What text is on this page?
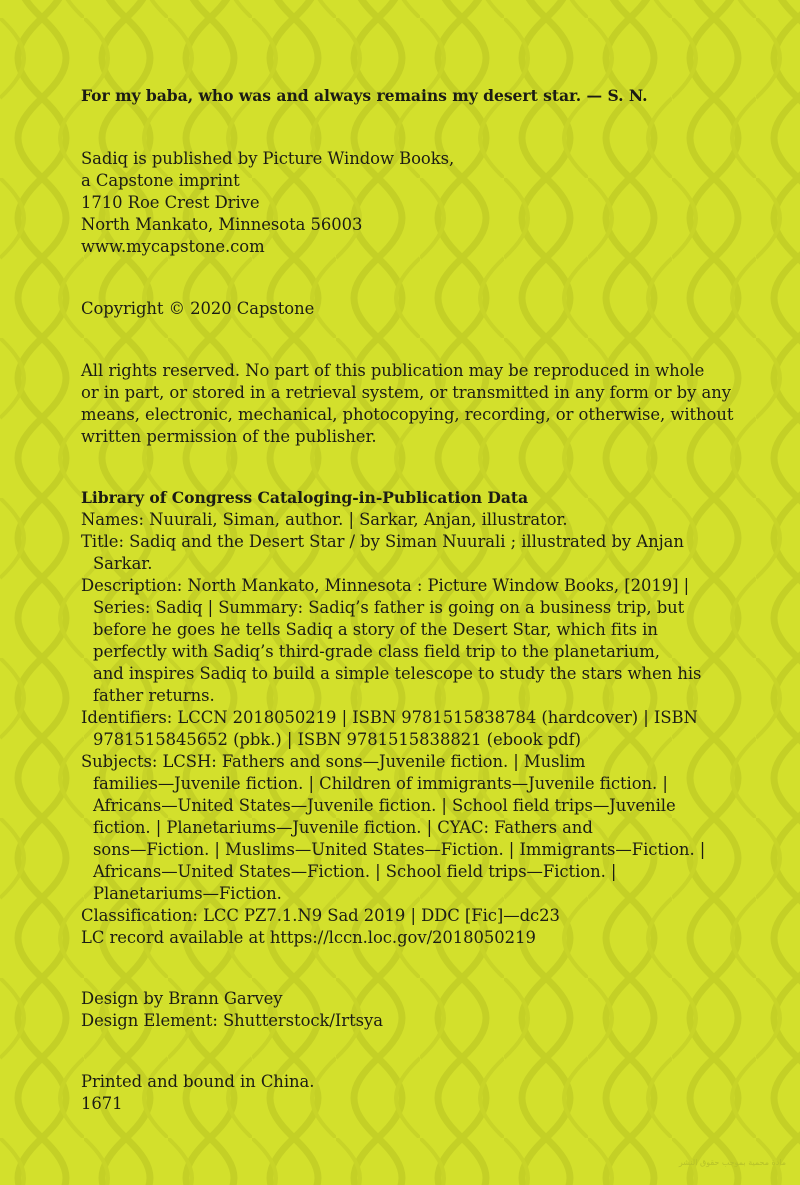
For my baba, who was and always remains my desert star. — S. N.
Sadiq is published by Picture Window Books,
a Capstone imprint
1710 Roe Crest Drive
North Mankato, Minnesota 56003
www.mycapstone.com
Copyright © 2020 Capstone
All rights reserved. No part of this publication may be reproduced in whole
or in part, or stored in a retrieval system, or transmitted in any form or by any
means, electronic, mechanical, photocopying, recording, or otherwise, without
written permission of the publisher.
Library of Congress Cataloging-in-Publication Data
Names: Nuurali, Siman, author. | Sarkar, Anjan, illustrator.
Title: Sadiq and the Desert Star / by Siman Nuurali ; illustrated by Anjan
Sarkar.
Description: North Mankato, Minnesota : Picture Window Books, [2019] |
Series: Sadiq | Summary: Sadiq’s father is going on a business trip, but
before he goes he tells Sadiq a story of the Desert Star, which fits in
perfectly with Sadiq’s third-grade class field trip to the planetarium,
and inspires Sadiq to build a simple telescope to study the stars when his
father returns.
Identifiers: LCCN 2018050219 | ISBN 9781515838784 (hardcover) | ISBN
9781515845652 (pbk.) | ISBN 9781515838821 (ebook pdf)
Subjects: LCSH: Fathers and sons—Juvenile fiction. | Muslim
families—Juvenile fiction. | Children of immigrants—Juvenile fiction. |
Africans—United States—Juvenile fiction. | School field trips—Juvenile
fiction. | Planetariums—Juvenile fiction. | CYAC: Fathers and
sons—Fiction. | Muslims—United States—Fiction. | Immigrants—Fiction. |
Africans—United States—Fiction. | School field trips—Fiction. |
Planetariums—Fiction.
Classification: LCC PZ7.1.N9 Sad 2019 | DDC [Fic]—dc23
LC record available at https://lccn.loc.gov/2018050219
Design by Brann Garvey
Design Element: Shutterstock/Irtsya
Printed and bound in China.
1671
مادة محمية بموجب حقوق النشر
